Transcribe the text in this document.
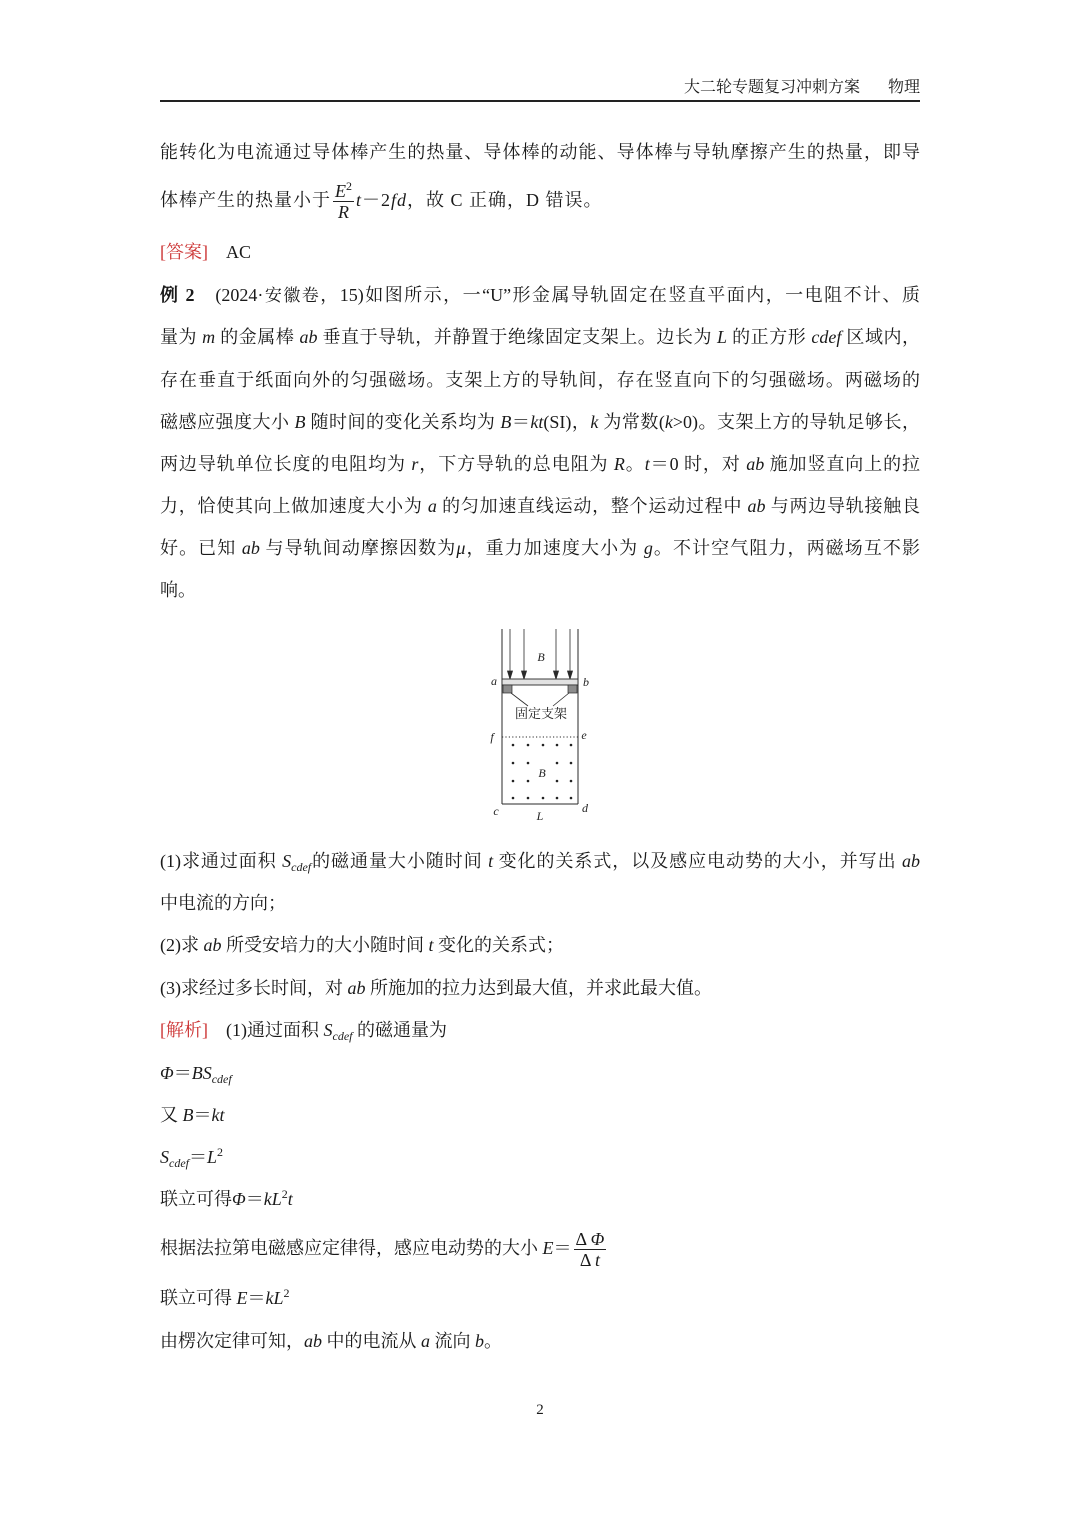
大二轮专题复习冲刺方案 物理
能转化为电流通过导体棒产生的热量、导体棒的动能、导体棒与导轨摩擦产生的热量，即导
体棒产生的热量小于 $\frac{E^2}{R} t-2fd$，故 C 正确，D 错误。
[答案]　AC
例 2　(2024·安徽卷，15)如图所示，一“U”形金属导轨固定在竖直平面内，一电阻不计、质
量为 m 的金属棒 ab 垂直于导轨，并静置于绝缘固定支架上。边长为 L 的正方形 cdef 区域内，
存在垂直于纸面向外的匀强磁场。支架上方的导轨间，存在竖直向下的匀强磁场。两磁场的
磁感应强度大小 B 随时间的变化关系均为 B＝kt(SI)，k 为常数(k>0)。支架上方的导轨足够长，
两边导轨单位长度的电阻均为 r，下方导轨的总电阻为 R。t＝0 时，对 ab 施加竖直向上的拉
力，恰使其向上做加速度大小为 a 的匀加速直线运动，整个运动过程中 ab 与两边导轨接触良
好。已知 ab 与导轨间动摩擦因数为μ，重力加速度大小为 g。不计空气阻力，两磁场互不影
响。
B
固定支架
a	b
f	e
B
c	d
L
(1)求通过面积 $S_{cdef}$的磁通量大小随时间 t 变化的关系式，以及感应电动势的大小，并写出 ab
中电流的方向；
(2)求 ab 所受安培力的大小随时间 t 变化的关系式；
(3)求经过多长时间，对 ab 所施加的拉力达到最大值，并求此最大值。
[解析]　(1)通过面积 $S_{cdef}$ 的磁通量为
$\Phi=BS_{cdef}$
又 B＝kt
$S_{cdef}=L^2$
联立可得$\Phi=kL^2t$
根据法拉第电磁感应定律得，感应电动势的大小 $E= \frac{\text{Δ Φ}}{\text{Δ t}}$
联立可得 $E=kL^2$
由楞次定律可知，ab 中的电流从 a 流向 b。
2
